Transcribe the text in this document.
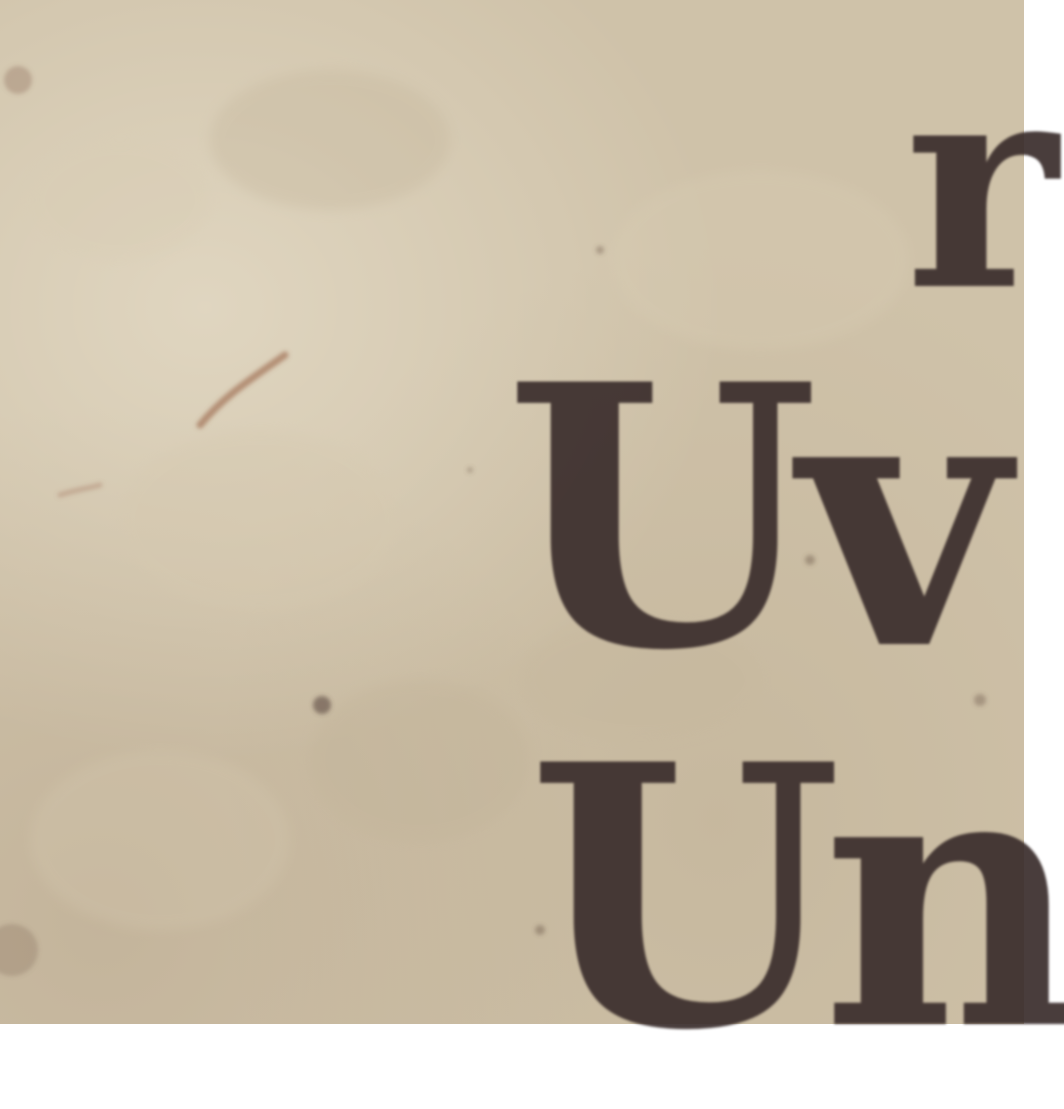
r
Uv
Un
